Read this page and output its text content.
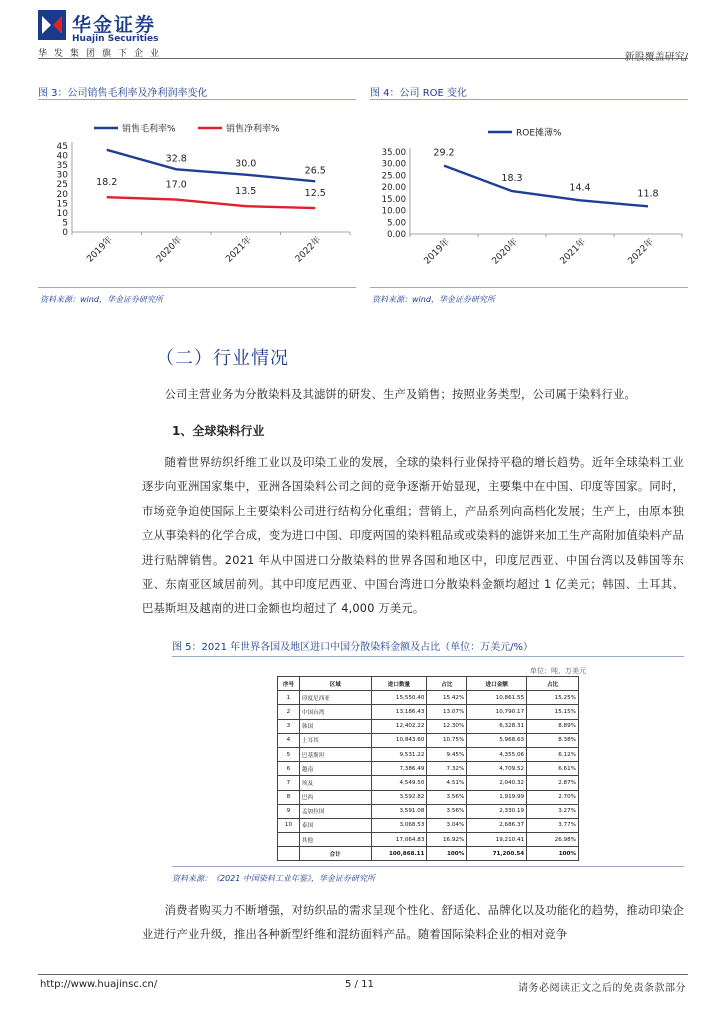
华金证券
Huajin Securities
华发集团旗下企业	新股覆盖研究/
图 3：公司销售毛利率及净利润率变化
0
5
10
15
20
25
30
35
40
45
2019年	2020年	2021年	2022年
32.8	30.0
26.5
销售毛利率%
18.2	17.0
13.5	12.5
销售净利率%
资料来源：wind，华金证券研究所
图 4：公司 ROE 变化
0.00
5.00
10.00
15.00
20.00
25.00
30.00
35.00
2019年	2020年	2021年	2022年
29.2
18.3
14.4
11.8
ROE摊薄%
资料来源：wind，华金证券研究所
（二）行业情况
公司主营业务为分散染料及其滤饼的研发、生产及销售；按照业务类型，公司属于染料行业。
1、全球染料行业
随着世界纺织纤维工业以及印染工业的发展，全球的染料行业保持平稳的增长趋势。近年全球染料工业逐步向亚洲国家集中，亚洲各国染料公司之间的竞争逐渐开始显现，主要集中在中国、印度等国家。同时，市场竞争迫使国际上主要染料公司进行结构分化重组；营销上，产品系列向高档化发展；生产上，由原本独立从事染料的化学合成，变为进口中国、印度两国的染料粗品或或染料的滤饼来加工生产高附加值染料产品进行贴牌销售。2021 年从中国进口分散染料的世界各国和地区中，印度尼西亚、中国台湾以及韩国等东亚、东南亚区域居前列。其中印度尼西亚、中国台湾进口分散染料金额均超过 1 亿美元；韩国、土耳其、巴基斯坦及越南的进口金额也均超过了 4,000 万美元。
图 5：2021 年世界各国及地区进口中国分散染料金额及占比（单位：万美元/%）
单位：吨、万美元
序号	区域	进口数量	占比	进口金额	占比
1	印度尼西亚	15,550.40	15.42%	10,861.55	15.25%
2	中国台湾	13,186.43	13.07%	10,790.17	15.15%
3	韩国	12,402.22	12.30%	6,328.31	8.89%
4	土耳其	10,843.60	10.75%	5,968.63	8.38%
5	巴基斯坦	9,531.22	9.45%	4,355.06	6.12%
6	越南	7,386.49	7.32%	4,709.52	6.61%
7	埃及	4,549.50	4.51%	2,040.32	2.87%
8	巴西	3,592.82	3.56%	1,919.99	2.70%
9	孟加拉国	3,591.08	3.56%	2,330.19	3.27%
10	泰国	3,068.53	3.04%	2,686.37	3.77%
	其他	17,064.83	16.92%	19,210.41	26.98%
	合计	100,868.11	100%	71,200.54	100%
资料来源：《2021 中国染料工业年鉴》，华金证券研究所
消费者购买力不断增强，对纺织品的需求呈现个性化、舒适化、品牌化以及功能化的趋势，推动印染企业进行产业升级，推出各种新型纤维和混纺面料产品。随着国际染料企业的相对竞争
http://www.huajinsc.cn/	5 / 11	请务必阅读正文之后的免责条款部分
